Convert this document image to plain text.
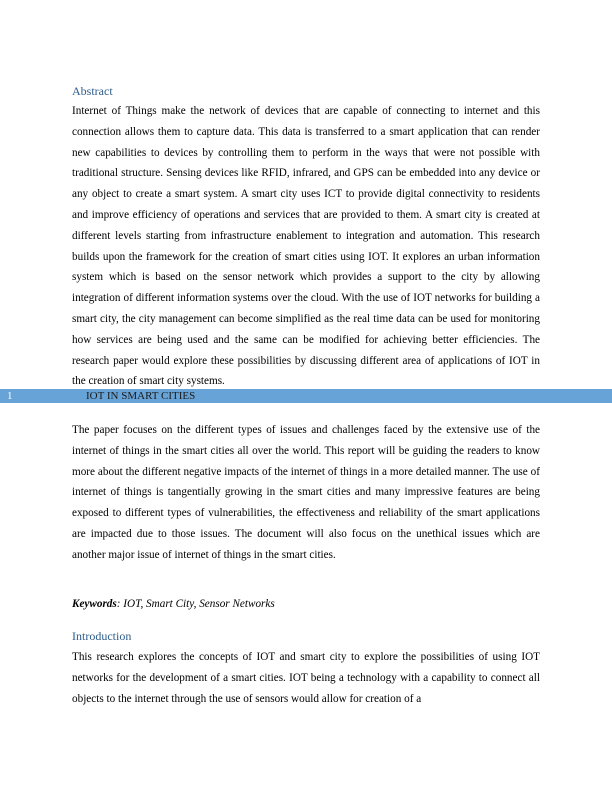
Abstract

Internet of Things make the network of devices that are capable of connecting to internet and this connection allows them to capture data. This data is transferred to a smart application that can render new capabilities to devices by controlling them to perform in the ways that were not possible with traditional structure. Sensing devices like RFID, infrared, and GPS can be embedded into any device or any object to create a smart system. A smart city uses ICT to provide digital connectivity to residents and improve efficiency of operations and services that are provided to them. A smart city is created at different levels starting from infrastructure enablement to integration and automation. This research builds upon the framework for the creation of smart cities using IOT. It explores an urban information system which is based on the sensor network which provides a support to the city by allowing integration of different information systems over the cloud. With the use of IOT networks for building a smart city, the city management can become simplified as the real time data can be used for monitoring how services are being used and the same can be modified for achieving better efficiencies. The research paper would explore these possibilities by discussing different area of applications of IOT in the creation of smart city systems.

1	IOT IN SMART CITIES

The paper focuses on the different types of issues and challenges faced by the extensive use of the internet of things in the smart cities all over the world. This report will be guiding the readers to know more about the different negative impacts of the internet of things in a more detailed manner. The use of internet of things is tangentially growing in the smart cities and many impressive features are being exposed to different types of vulnerabilities, the effectiveness and reliability of the smart applications are impacted due to those issues. The document will also focus on the unethical issues which are another major issue of internet of things in the smart cities.

Keywords: IOT, Smart City, Sensor Networks
Introduction

This research explores the concepts of IOT and smart city to explore the possibilities of using IOT networks for the development of a smart cities. IOT being a technology with a capability to connect all objects to the internet through the use of sensors would allow for creation of a
